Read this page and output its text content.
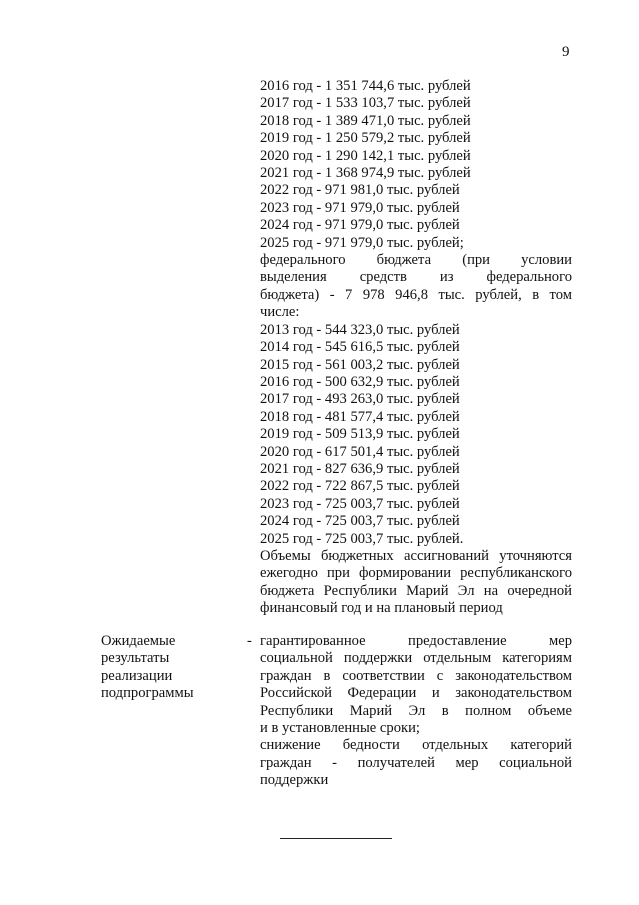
9
2016 год - 1 351 744,6 тыс. рублей
2017 год - 1 533 103,7 тыс. рублей
2018 год - 1 389 471,0 тыс. рублей
2019 год - 1 250 579,2 тыс. рублей
2020 год - 1 290 142,1 тыс. рублей
2021 год - 1 368 974,9 тыс. рублей
2022 год - 971 981,0 тыс. рублей
2023 год - 971 979,0 тыс. рублей
2024 год - 971 979,0 тыс. рублей
2025 год - 971 979,0 тыс. рублей;
федерального бюджета (при условии
выделения средств из федерального
бюджета) - 7 978 946,8 тыс. рублей, в том
числе:
2013 год - 544 323,0 тыс. рублей
2014 год - 545 616,5 тыс. рублей
2015 год - 561 003,2 тыс. рублей
2016 год - 500 632,9 тыс. рублей
2017 год - 493 263,0 тыс. рублей
2018 год - 481 577,4 тыс. рублей
2019 год - 509 513,9 тыс. рублей
2020 год - 617 501,4 тыс. рублей
2021 год - 827 636,9 тыс. рублей
2022 год - 722 867,5 тыс. рублей
2023 год - 725 003,7 тыс. рублей
2024 год - 725 003,7 тыс. рублей
2025 год - 725 003,7 тыс. рублей.
Объемы бюджетных ассигнований уточняются
ежегодно при формировании республиканского
бюджета Республики Марий Эл на очередной
финансовый год и на плановый период
Ожидаемые
результаты
реализации
подпрограммы
- гарантированное предоставление мер
социальной поддержки отдельным категориям
граждан в соответствии с законодательством
Российской Федерации и законодательством
Республики Марий Эл в полном объеме
и в установленные сроки;
снижение бедности отдельных категорий
граждан - получателей мер социальной
поддержки
